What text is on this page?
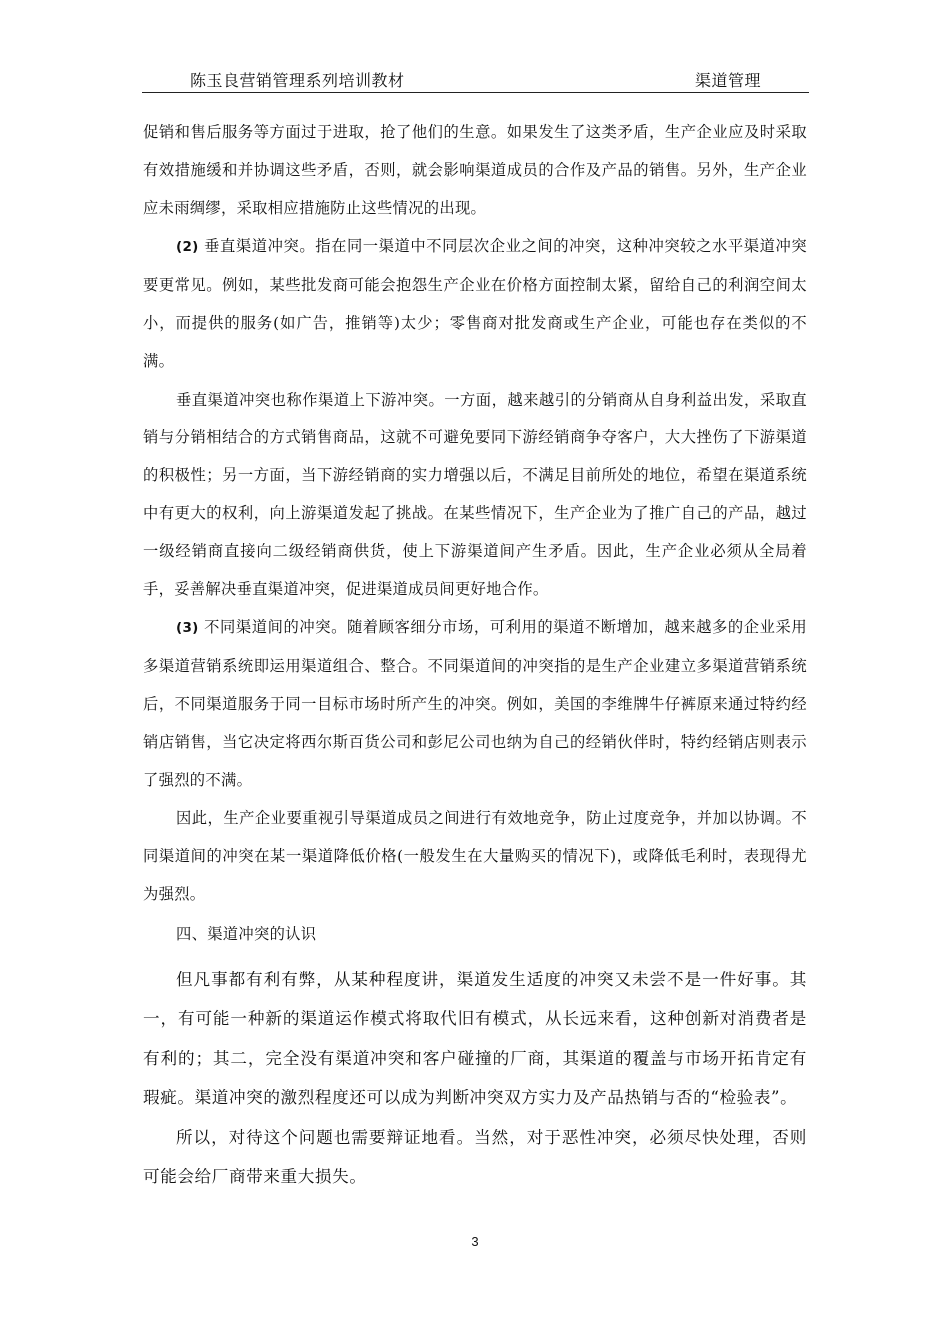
陈玉良营销管理系列培训教材	渠道管理

促销和售后服务等方面过于进取，抢了他们的生意。如果发生了这类矛盾，生产企业应及时采取有效措施缓和并协调这些矛盾，否则，就会影响渠道成员的合作及产品的销售。另外，生产企业应未雨绸缪，采取相应措施防止这些情况的出现。

(2) 垂直渠道冲突。指在同一渠道中不同层次企业之间的冲突，这种冲突较之水平渠道冲突要更常见。例如，某些批发商可能会抱怨生产企业在价格方面控制太紧，留给自己的利润空间太小，而提供的服务(如广告，推销等)太少；零售商对批发商或生产企业，可能也存在类似的不满。

垂直渠道冲突也称作渠道上下游冲突。一方面，越来越引的分销商从自身利益出发，采取直销与分销相结合的方式销售商品，这就不可避免要同下游经销商争夺客户，大大挫伤了下游渠道的积极性；另一方面，当下游经销商的实力增强以后，不满足目前所处的地位，希望在渠道系统中有更大的权利，向上游渠道发起了挑战。在某些情况下，生产企业为了推广自己的产品，越过一级经销商直接向二级经销商供货，使上下游渠道间产生矛盾。因此，生产企业必须从全局着手，妥善解决垂直渠道冲突，促进渠道成员间更好地合作。

(3) 不同渠道间的冲突。随着顾客细分市场，可利用的渠道不断增加，越来越多的企业采用多渠道营销系统即运用渠道组合、整合。不同渠道间的冲突指的是生产企业建立多渠道营销系统后，不同渠道服务于同一目标市场时所产生的冲突。例如，美国的李维牌牛仔裤原来通过特约经销店销售，当它决定将西尔斯百货公司和彭尼公司也纳为自己的经销伙伴时，特约经销店则表示了强烈的不满。

因此，生产企业要重视引导渠道成员之间进行有效地竞争，防止过度竞争，并加以协调。不同渠道间的冲突在某一渠道降低价格(一般发生在大量购买的情况下)，或降低毛利时，表现得尤为强烈。

四、渠道冲突的认识

但凡事都有利有弊，从某种程度讲，渠道发生适度的冲突又未尝不是一件好事。其一，有可能一种新的渠道运作模式将取代旧有模式，从长远来看，这种创新对消费者是有利的；其二，完全没有渠道冲突和客户碰撞的厂商，其渠道的覆盖与市场开拓肯定有瑕疵。渠道冲突的激烈程度还可以成为判断冲突双方实力及产品热销与否的“检验表”。

所以，对待这个问题也需要辩证地看。当然，对于恶性冲突，必须尽快处理，否则可能会给厂商带来重大损失。

3
